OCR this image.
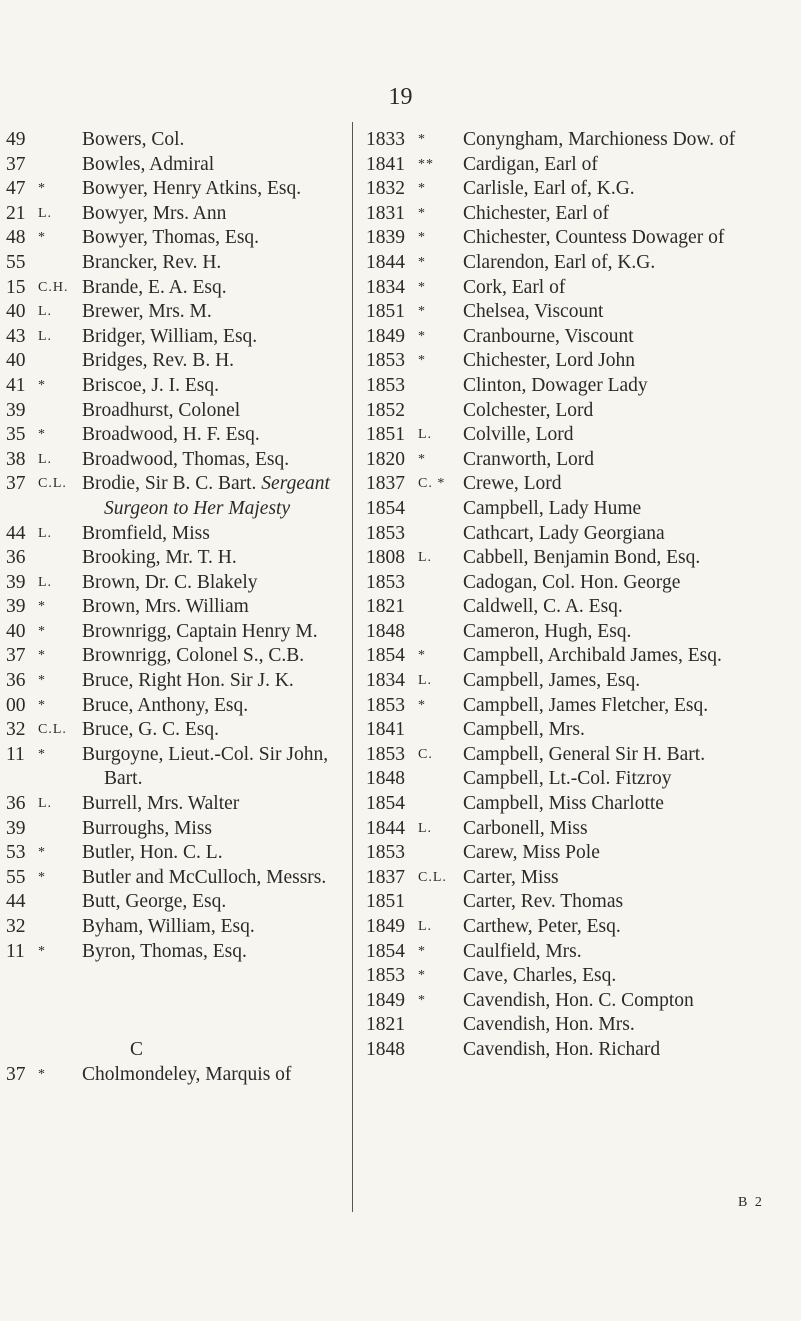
19
49	Bowers, Col.
37	Bowles, Admiral
47 * Bowyer, Henry Atkins, Esq.
21 L. Bowyer, Mrs. Ann
48 * Bowyer, Thomas, Esq.
55	Brancker, Rev. H.
15 C.H. Brande, E. A. Esq.
40 L. Brewer, Mrs. M.
43 L. Bridger, William, Esq.
40	Bridges, Rev. B. H.
41 * Briscoe, J. I. Esq.
39	Broadhurst, Colonel
35 * Broadwood, H. F. Esq.
38 L. Broadwood, Thomas, Esq.
37 C.L. Brodie, Sir B. C. Bart. Sergeant
Surgeon to Her Majesty
44 L. Bromfield, Miss
36	Brooking, Mr. T. H.
39 L. Brown, Dr. C. Blakely
39 * Brown, Mrs. William
40 * Brownrigg, Captain Henry M.
37 * Brownrigg, Colonel S., C.B.
36 * Bruce, Right Hon. Sir J. K.
00 * Bruce, Anthony, Esq.
32 C.L. Bruce, G. C. Esq.
11 * Burgoyne, Lieut.-Col. Sir John,
Bart.
36 L. Burrell, Mrs. Walter
39	Burroughs, Miss
53 * Butler, Hon. C. L.
55 * Butler and McCulloch, Messrs.
44	Butt, George, Esq.
32	Byham, William, Esq.
11 * Byron, Thomas, Esq.
C
37 * Cholmondeley, Marquis of
1833 * Conyngham, Marchioness Dow. of
1841 ** Cardigan, Earl of
1832 * Carlisle, Earl of, K.G.
1831 * Chichester, Earl of
1839 * Chichester, Countess Dowager of
1844 * Clarendon, Earl of, K.G.
1834 * Cork, Earl of
1851 * Chelsea, Viscount
1849 * Cranbourne, Viscount
1853 * Chichester, Lord John
1853	Clinton, Dowager Lady
1852	Colchester, Lord
1851 L. Colville, Lord
1820 * Cranworth, Lord
1837 C. * Crewe, Lord
1854	Campbell, Lady Hume
1853	Cathcart, Lady Georgiana
1808 L. Cabbell, Benjamin Bond, Esq.
1853	Cadogan, Col. Hon. George
1821	Caldwell, C. A. Esq.
1848	Cameron, Hugh, Esq.
1854 * Campbell, Archibald James, Esq.
1834 L. Campbell, James, Esq.
1853 * Campbell, James Fletcher, Esq.
1841	Campbell, Mrs.
1853 C. Campbell, General Sir H. Bart.
1848	Campbell, Lt.-Col. Fitzroy
1854	Campbell, Miss Charlotte
1844 L. Carbonell, Miss
1853	Carew, Miss Pole
1837 C.L. Carter, Miss
1851	Carter, Rev. Thomas
1849 L. Carthew, Peter, Esq.
1854 * Caulfield, Mrs.
1853 * Cave, Charles, Esq.
1849 * Cavendish, Hon. C. Compton
1821	Cavendish, Hon. Mrs.
1848	Cavendish, Hon. Richard
B 2
